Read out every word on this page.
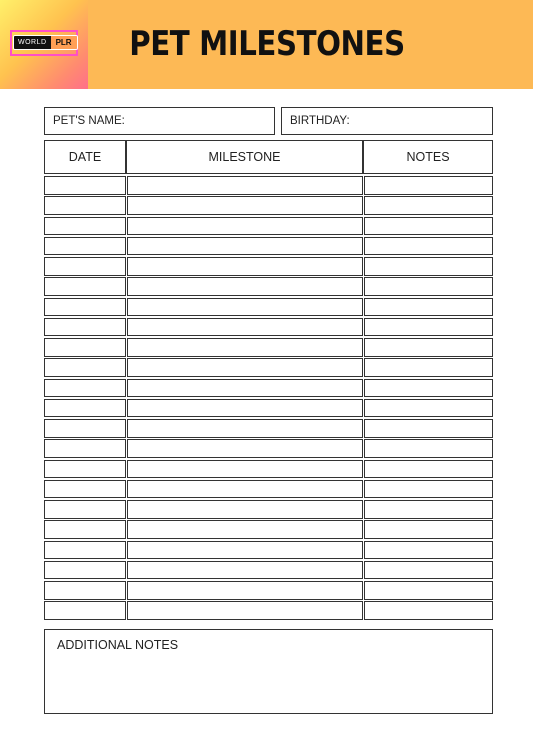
WORLD	PLR	PET MILESTONES
PET'S NAME:	BIRTHDAY:
DATE	MILESTONE	NOTES
ADDITIONAL NOTES
